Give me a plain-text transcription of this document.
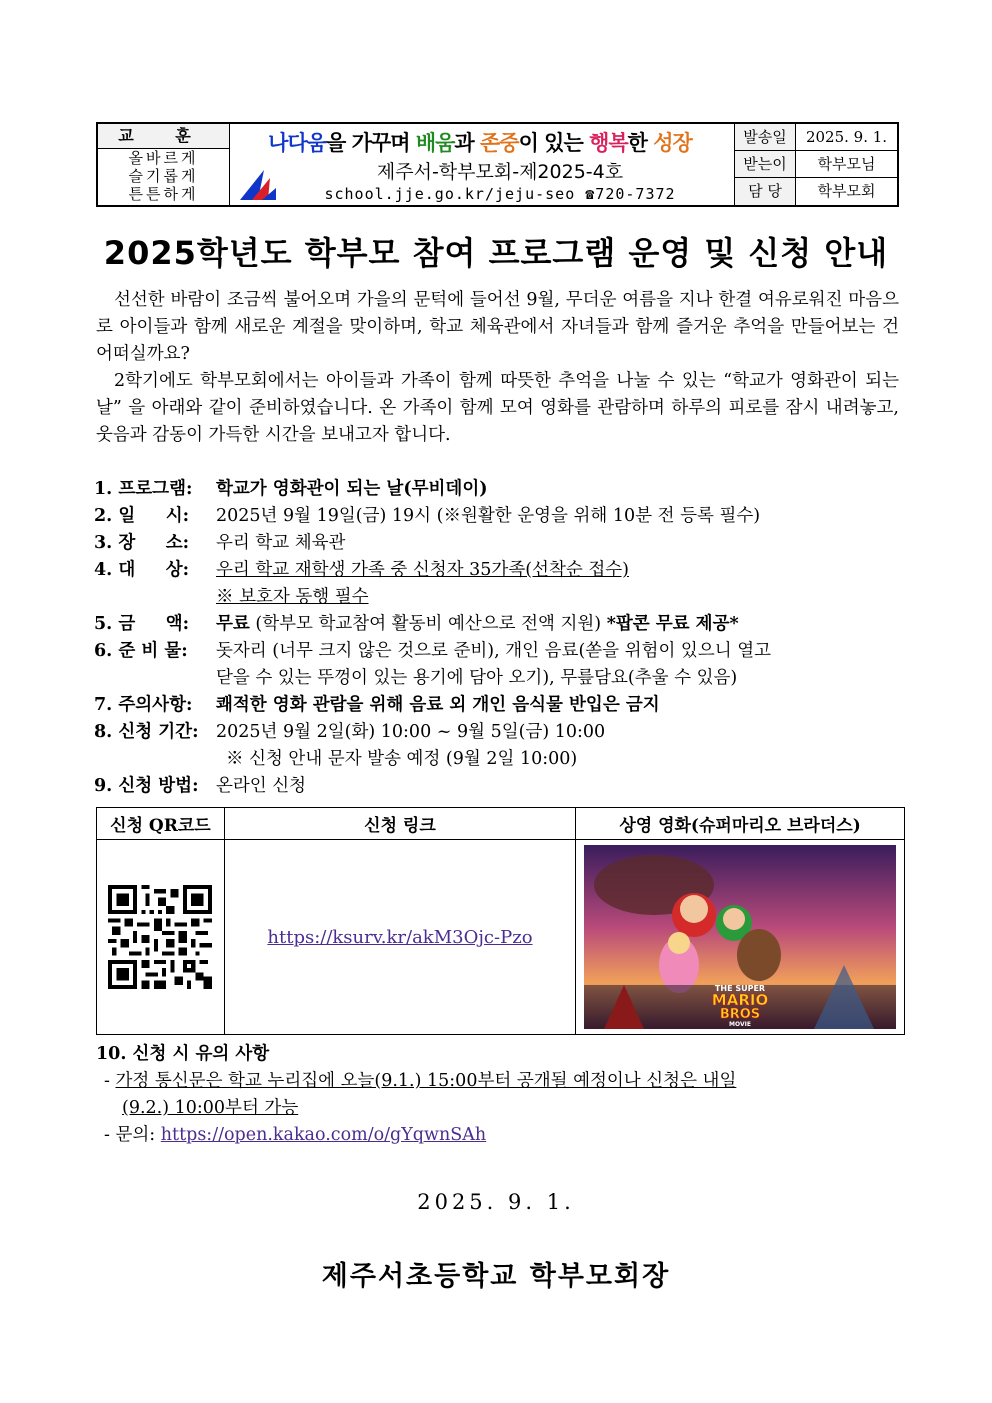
교 훈
올바르게
슬기롭게
튼튼하게
나다움을 가꾸며 배움과 존중이 있는 행복한 성장
제주서-학부모회-제2025-4호
school.jje.go.kr/jeju-seo ☎720-7372
발송일	2025. 9. 1.
받는이	학부모님
담 당	학부모회
2025학년도 학부모 참여 프로그램 운영 및 신청 안내

선선한 바람이 조금씩 불어오며 가을의 문턱에 들어선 9월, 무더운 여름을 지나 한결 여유로워진 마음으로 아이들과 함께 새로운 계절을 맞이하며, 학교 체육관에서 자녀들과 함께 즐거운 추억을 만들어보는 건 어떠실까요?

2학기에도 학부모회에서는 아이들과 가족이 함께 따뜻한 추억을 나눌 수 있는 “학교가 영화관이 되는 날” 을 아래와 같이 준비하였습니다. 온 가족이 함께 모여 영화를 관람하며 하루의 피로를 잠시 내려놓고, 웃음과 감동이 가득한 시간을 보내고자 합니다.

1. 프로그램:	학교가 영화관이 되는 날(무비데이)
2. 일     시:	2025년 9월 19일(금) 19시 (※원활한 운영을 위해 10분 전 등록 필수)
3. 장     소:	우리 학교 체육관
4. 대     상:	우리 학교 재학생 가족 중 신청자 35가족(선착순 접수)
※ 보호자 동행 필수
5. 금     액:	무료 (학부모 학교참여 활동비 예산으로 전액 지원) *팝콘 무료 제공*
6. 준 비 물:	돗자리 (너무 크지 않은 것으로 준비), 개인 음료(쏟을 위험이 있으니 열고
닫을 수 있는 뚜껑이 있는 용기에 담아 오기), 무릎담요(추울 수 있음)
7. 주의사항:	쾌적한 영화 관람을 위해 음료 외 개인 음식물 반입은 금지
8. 신청 기간: 2025년 9월 2일(화) 10:00 ~ 9월 5일(금) 10:00
※ 신청 안내 문자 발송 예정 (9월 2일 10:00)
9. 신청 방법: 온라인 신청
신청 QR코드	신청 링크	상영 영화(슈퍼마리오 브라더스)

	https://ksurv.kr/akM3Ojc-Pzo	THE SUPER
MARIO
BROS
MOVIE
10. 신청 시 유의 사항
- 가정 통신문은 학교 누리집에 오늘(9.1.) 15:00부터 공개될 예정이나 신청은 내일
(9.2.) 10:00부터 가능
- 문의: https://open.kakao.com/o/gYqwnSAh
2025. 9. 1.
제주서초등학교 학부모회장
